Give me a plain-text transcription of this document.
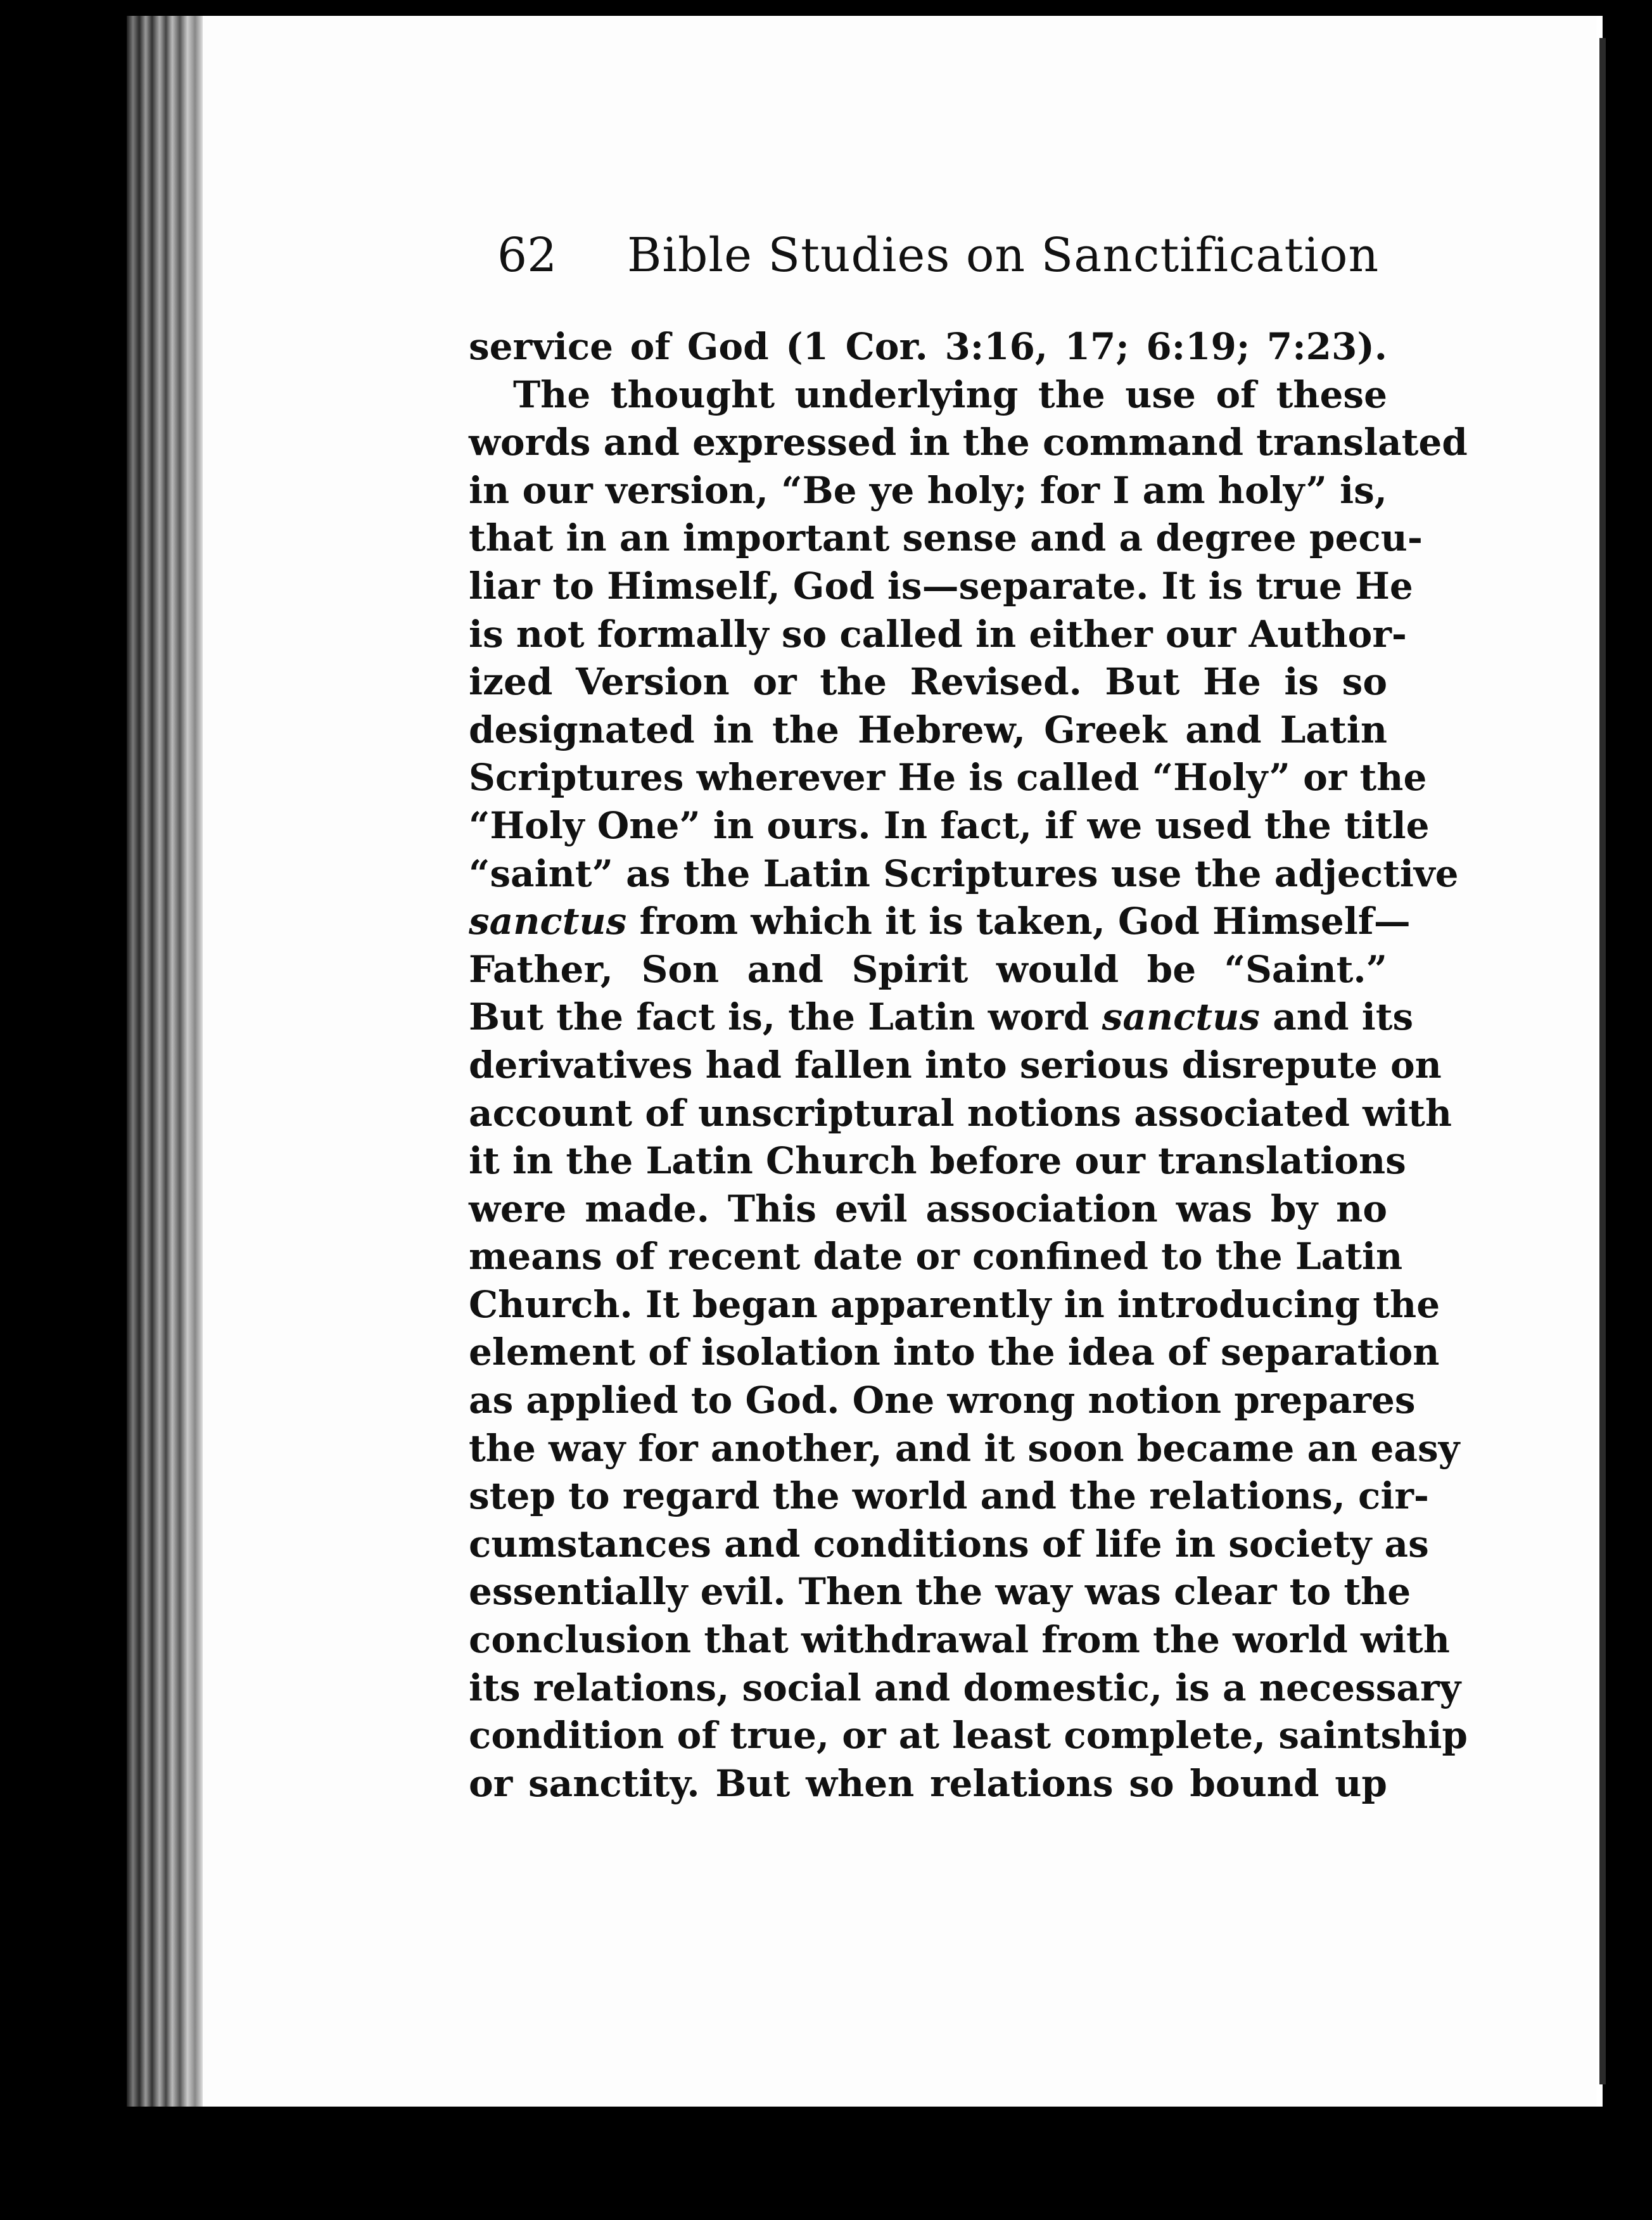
62 Bible Studies on Sanctification
service of God (1 Cor. 3:16, 17; 6:19; 7:23).
The thought underlying the use of these
words and expressed in the command translated
in our version, “Be ye holy; for I am holy” is,
that in an important sense and a degree pecu-
liar to Himself, God is—separate. It is true He
is not formally so called in either our Author-
ized Version or the Revised. But He is so
designated in the Hebrew, Greek and Latin
Scriptures wherever He is called “Holy” or the
“Holy One” in ours. In fact, if we used the title
“saint” as the Latin Scriptures use the adjective
sanctus from which it is taken, God Himself—
Father, Son and Spirit would be “Saint.”
But the fact is, the Latin word sanctus and its
derivatives had fallen into serious disrepute on
account of unscriptural notions associated with
it in the Latin Church before our translations
were made. This evil association was by no
means of recent date or confined to the Latin
Church. It began apparently in introducing the
element of isolation into the idea of separation
as applied to God. One wrong notion prepares
the way for another, and it soon became an easy
step to regard the world and the relations, cir-
cumstances and conditions of life in society as
essentially evil. Then the way was clear to the
conclusion that withdrawal from the world with
its relations, social and domestic, is a necessary
condition of true, or at least complete, saintship
or sanctity. But when relations so bound up
